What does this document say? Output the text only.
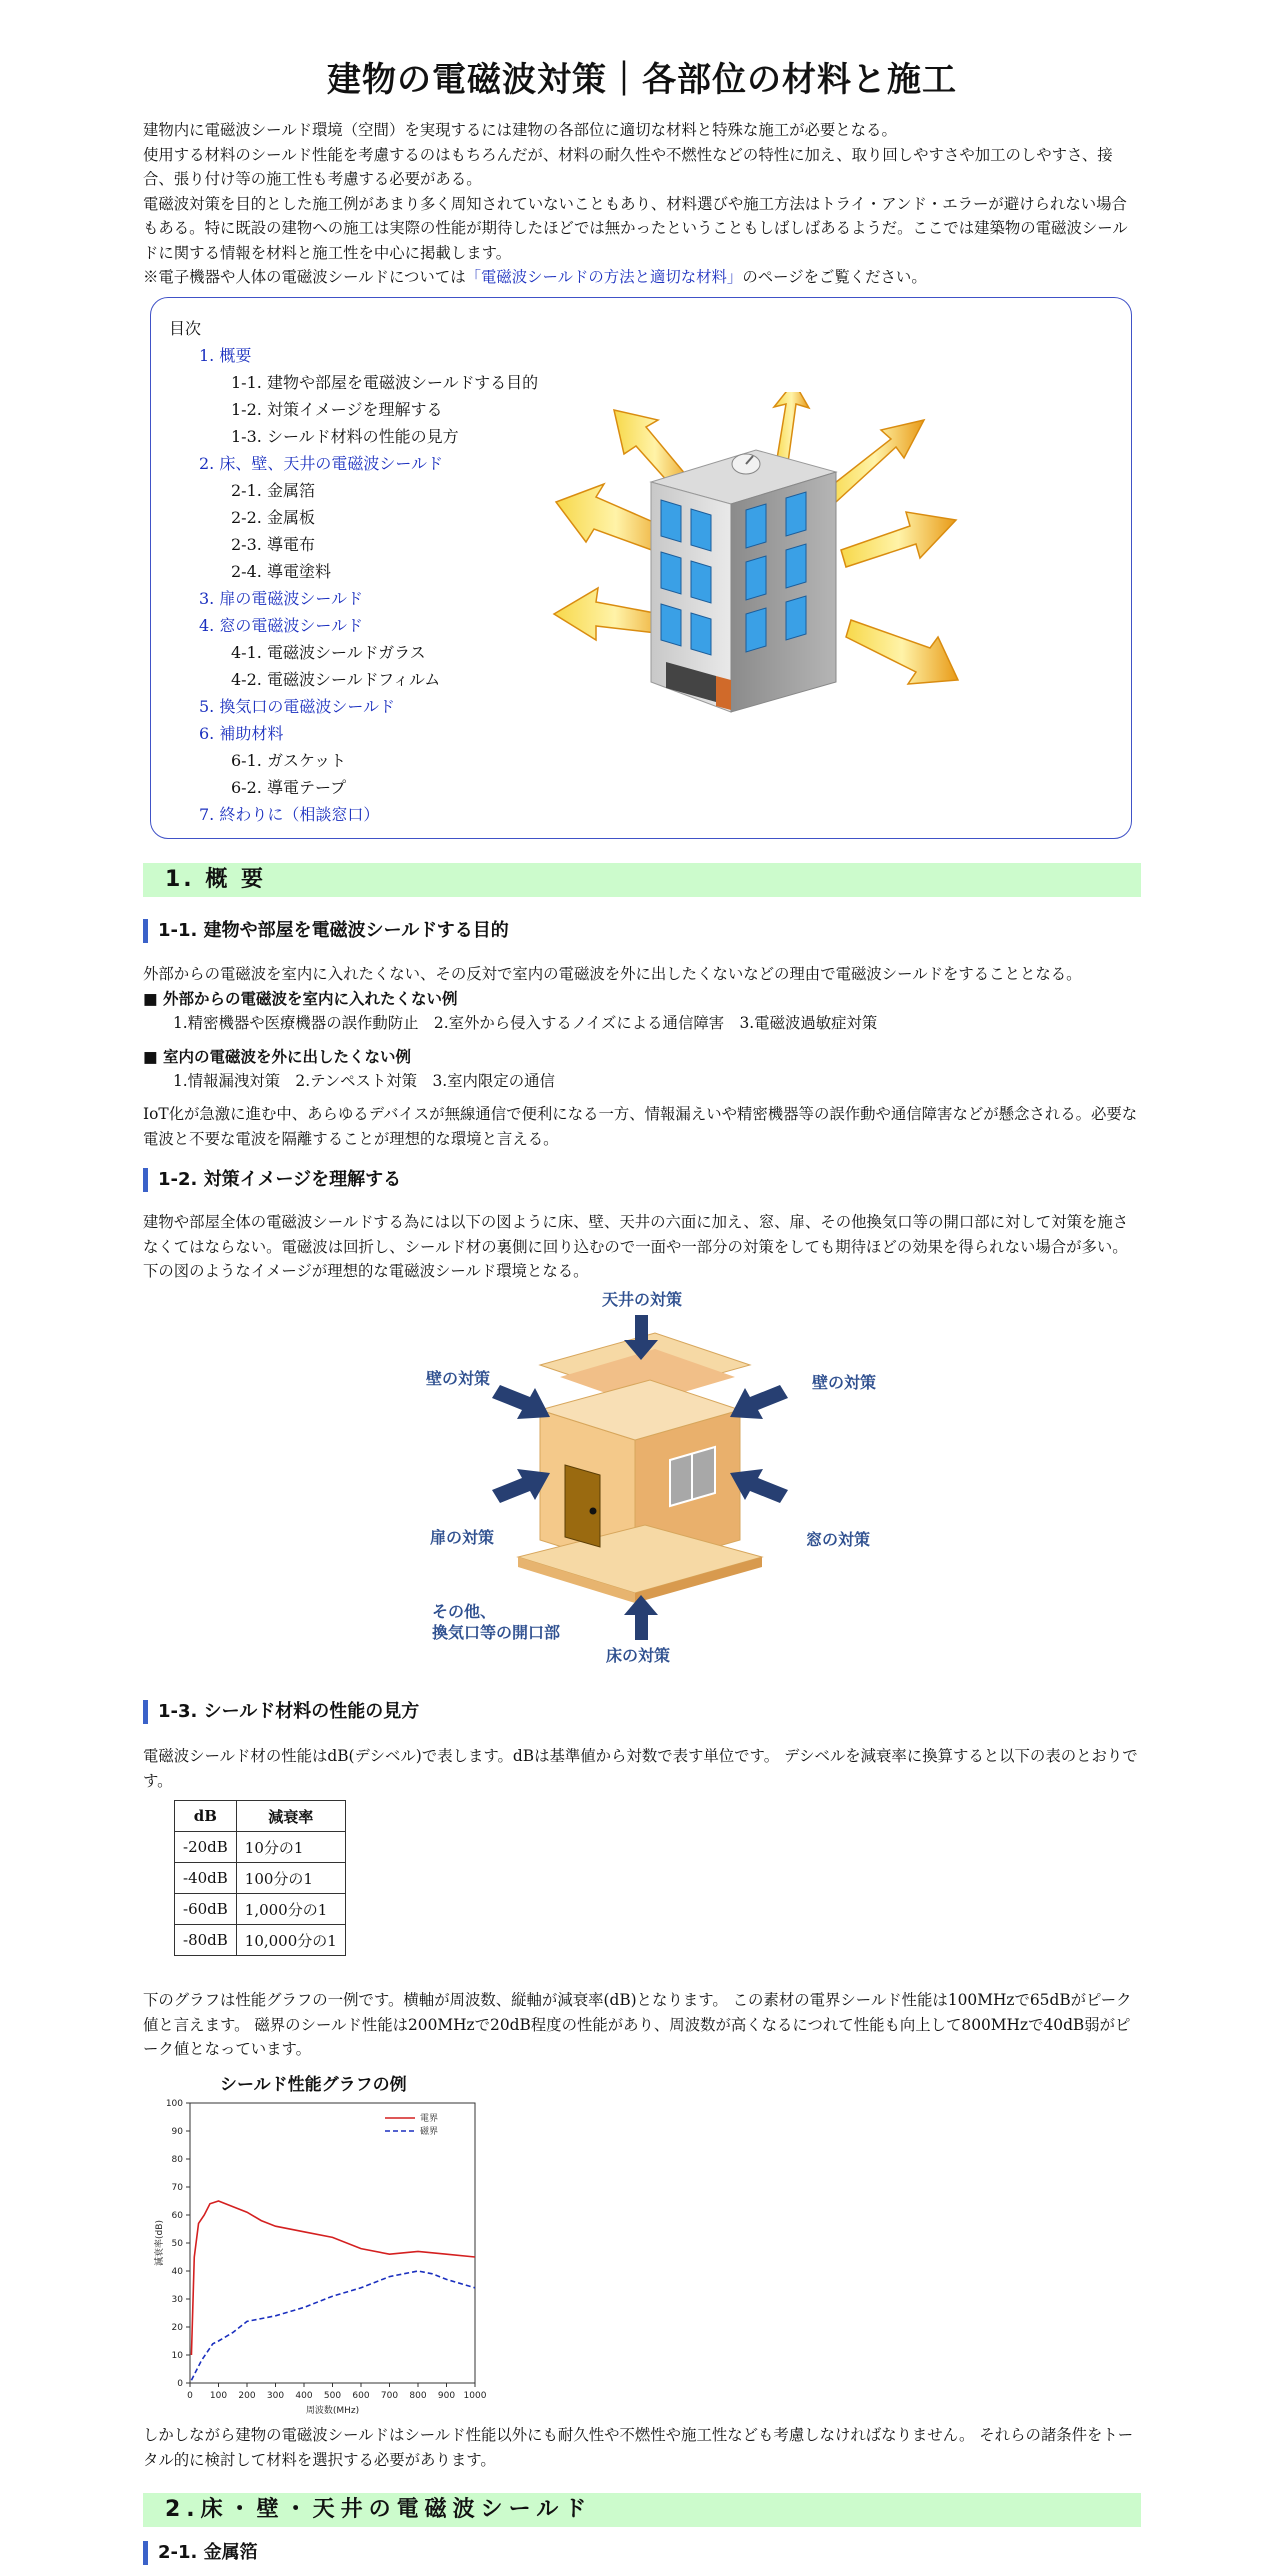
建物の電磁波対策｜各部位の材料と施工

建物内に電磁波シールド環境（空間）を実現するには建物の各部位に適切な材料と特殊な施工が必要となる。

使用する材料のシールド性能を考慮するのはもちろんだが、材料の耐久性や不燃性などの特性に加え、取り回しやすさや加工のしやすさ、接合、張り付け等の施工性も考慮する必要がある。

電磁波対策を目的とした施工例があまり多く周知されていないこともあり、材料選びや施工方法はトライ・アンド・エラーが避けられない場合もある。特に既設の建物への施工は実際の性能が期待したほどでは無かったということもしばしばあるようだ。ここでは建築物の電磁波シールドに関する情報を材料と施工性を中心に掲載します。

※電子機器や人体の電磁波シールドについては「電磁波シールドの方法と適切な材料」のページをご覧ください。

目次
1. 概要
1-1. 建物や部屋を電磁波シールドする目的
1-2. 対策イメージを理解する
1-3. シールド材料の性能の見方
2. 床、壁、天井の電磁波シールド
2-1. 金属箔
2-2. 金属板
2-3. 導電布
2-4. 導電塗料
3. 扉の電磁波シールド
4. 窓の電磁波シールド
4-1. 電磁波シールドガラス
4-2. 電磁波シールドフィルム
5. 換気口の電磁波シールド
6. 補助材料
6-1. ガスケット
6-2. 導電テープ
7. 終わりに（相談窓口）
1. 概 要
1-1. 建物や部屋を電磁波シールドする目的
外部からの電磁波を室内に入れたくない、その反対で室内の電磁波を外に出したくないなどの理由で電磁波シールドをすることとなる。
■ 外部からの電磁波を室内に入れたくない例
1.精密機器や医療機器の誤作動防止　2.室外から侵入するノイズによる通信障害　3.電磁波過敏症対策
■ 室内の電磁波を外に出したくない例
1.情報漏洩対策　2.テンペスト対策　3.室内限定の通信
IoT化が急激に進む中、あらゆるデバイスが無線通信で便利になる一方、情報漏えいや精密機器等の誤作動や通信障害などが懸念される。必要な電波と不要な電波を隔離することが理想的な環境と言える。
1-2. 対策イメージを理解する
建物や部屋全体の電磁波シールドする為には以下の図ように床、壁、天井の六面に加え、窓、扉、その他換気口等の開口部に対して対策を施さなくてはならない。電磁波は回折し、シールド材の裏側に回り込むので一面や一部分の対策をしても期待ほどの効果を得られない場合が多い。下の図のようなイメージが理想的な電磁波シールド環境となる。
天井の対策
壁の対策	壁の対策
扉の対策	窓の対策
その他、
換気口等の開口部
床の対策
1-3. シールド材料の性能の見方
電磁波シールド材の性能はdB(デシベル)で表します。dBは基準値から対数で表す単位です。 デシベルを減衰率に換算すると以下の表のとおりです。
dB	減衰率
-20dB	10分の1
-40dB	100分の1
-60dB	1,000分の1
-80dB	10,000分の1
下のグラフは性能グラフの一例です。横軸が周波数、縦軸が減衰率(dB)となります。 この素材の電界シールド性能は100MHzで65dBがピーク値と言えます。 磁界のシールド性能は200MHzで20dB程度の性能があり、周波数が高くなるにつれて性能も向上して800MHzで40dB弱がピーク値となっています。
シールド性能グラフの例
0 100 200 300 400 500 600 700 800 900 1000
0
10
20
30
40
50
60
70
80
90
100
周波数(MHz)
減衰率(dB)
電界
磁界
しかしながら建物の電磁波シールドはシールド性能以外にも耐久性や不燃性や施工性なども考慮しなければなりません。 それらの諸条件をトータル的に検討して材料を選択する必要があります。
2.床・壁・天井の電磁波シールド
2-1. 金属箔
